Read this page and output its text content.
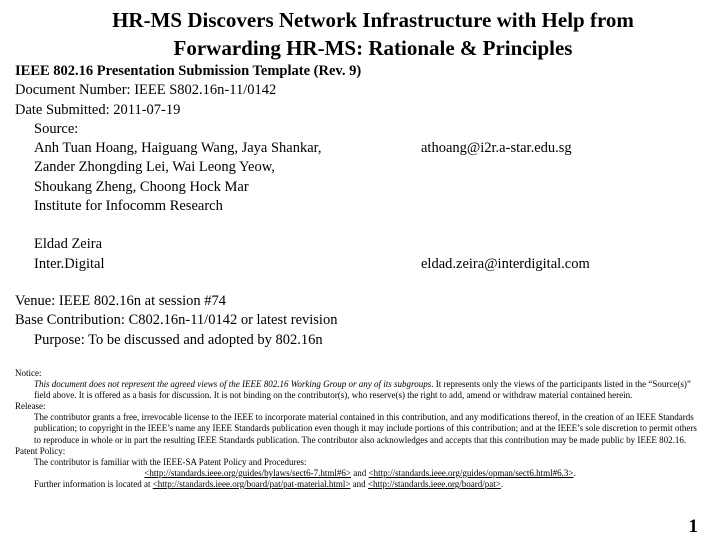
HR-MS Discovers Network Infrastructure with Help from
Forwarding HR-MS: Rationale & Principles
IEEE 802.16 Presentation Submission Template (Rev. 9)
Document Number: IEEE S802.16n-11/0142
Date Submitted: 2011-07-19
Source:
Anh Tuan Hoang, Haiguang Wang, Jaya Shankar,	athoang@i2r.a-star.edu.sg
Zander Zhongding Lei, Wai Leong Yeow,
Shoukang Zheng, Choong Hock Mar
Institute for Infocomm Research
Eldad Zeira
Inter.Digital	eldad.zeira@interdigital.com
Venue: IEEE 802.16n at session #74
Base Contribution: C802.16n-11/0142 or latest revision
Purpose: To be discussed and adopted by 802.16n
Notice:
This document does not represent the agreed views of the IEEE 802.16 Working Group or any of its subgroups. It represents only the views of the participants listed in the “Source(s)” field above. It is offered as a basis for discussion. It is not binding on the contributor(s), who reserve(s) the right to add, amend or withdraw material contained herein.
Release:
The contributor grants a free, irrevocable license to the IEEE to incorporate material contained in this contribution, and any modifications thereof, in the creation of an IEEE Standards publication; to copyright in the IEEE’s name any IEEE Standards publication even though it may include portions of this contribution; and at the IEEE’s sole discretion to permit others to reproduce in whole or in part the resulting IEEE Standards publication. The contributor also acknowledges and accepts that this contribution may be made public by IEEE 802.16.
Patent Policy:
The contributor is familiar with the IEEE-SA Patent Policy and Procedures:
<http://standards.ieee.org/guides/bylaws/sect6-7.html#6> and <http://standards.ieee.org/guides/opman/sect6.html#6.3>.
Further information is located at <http://standards.ieee.org/board/pat/pat-material.html> and <http://standards.ieee.org/board/pat>.
1
